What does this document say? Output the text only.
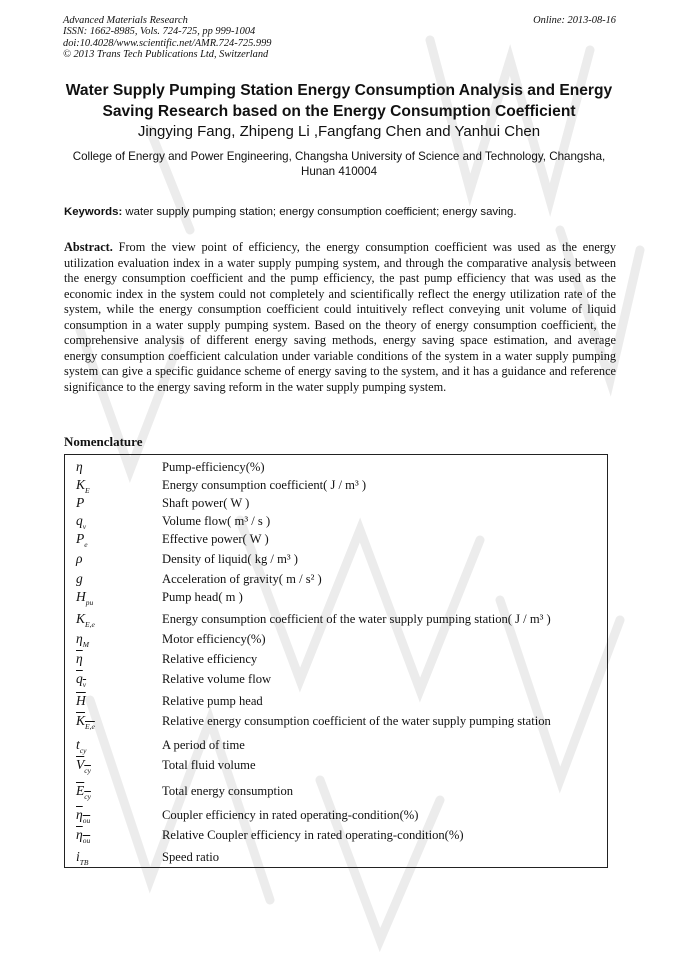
Advanced Materials Research
ISSN: 1662-8985, Vols. 724-725, pp 999-1004
doi:10.4028/www.scientific.net/AMR.724-725.999
© 2013 Trans Tech Publications Ltd, Switzerland
Online: 2013-08-16
Water Supply Pumping Station Energy Consumption Analysis and Energy Saving Research based on the Energy Consumption Coefficient
Jingying Fang, Zhipeng Li ,Fangfang Chen and Yanhui Chen
College of Energy and Power Engineering, Changsha University of Science and Technology, Changsha, Hunan 410004
Keywords: water supply pumping station; energy consumption coefficient; energy saving.
Abstract. From the view point of efficiency, the energy consumption coefficient was used as the energy utilization evaluation index in a water supply pumping system, and through the comparative analysis between the energy consumption coefficient and the pump efficiency, the past pump efficiency that was used as the economic index in the system could not completely and scientifically reflect the energy utilization rate of the system, while the energy consumption coefficient could intuitively reflect conveying unit volume of liquid consumption in a water supply pumping system. Based on the theory of energy consumption coefficient, the comprehensive analysis of different energy saving methods, energy saving space estimation, and average energy consumption coefficient calculation under variable conditions of the system in a water supply pumping system can give a specific guidance scheme of energy saving to the system, and it has a guidance and reference significance to the energy saving reform in the water supply pumping system.
Nomenclature
η	Pump-efficiency(%)
$K_E$	Energy consumption coefficient( J / m³ )
P	Shaft power( W )
$q_v$	Volume flow( m³ / s )
$P_e$	Effective power( W )
ρ	Density of liquid( kg / m³ )
g	Acceleration of gravity( m / s² )
$H_{pu}$	Pump head( m )
$K_{E,e}$	Energy consumption coefficient of the water supply pumping station( J / m³ )
$\eta_M$	Motor efficiency(%)
$\overline{\eta}$	Relative efficiency
$q_v$	Relative volume flow
$\overline{H}$	Relative pump head
$K_{E,e}$	Relative energy consumption coefficient of the water supply pumping station
$t_{cy}$	A period of time
$V_{cy}$	Total fluid volume
$E_{cy}$	Total energy consumption
$\eta_{ou}$	Coupler efficiency in rated operating-condition(%)
$\eta_{ou}$	Relative Coupler efficiency in rated operating-condition(%)
$i_{TB}$	Speed ratio
